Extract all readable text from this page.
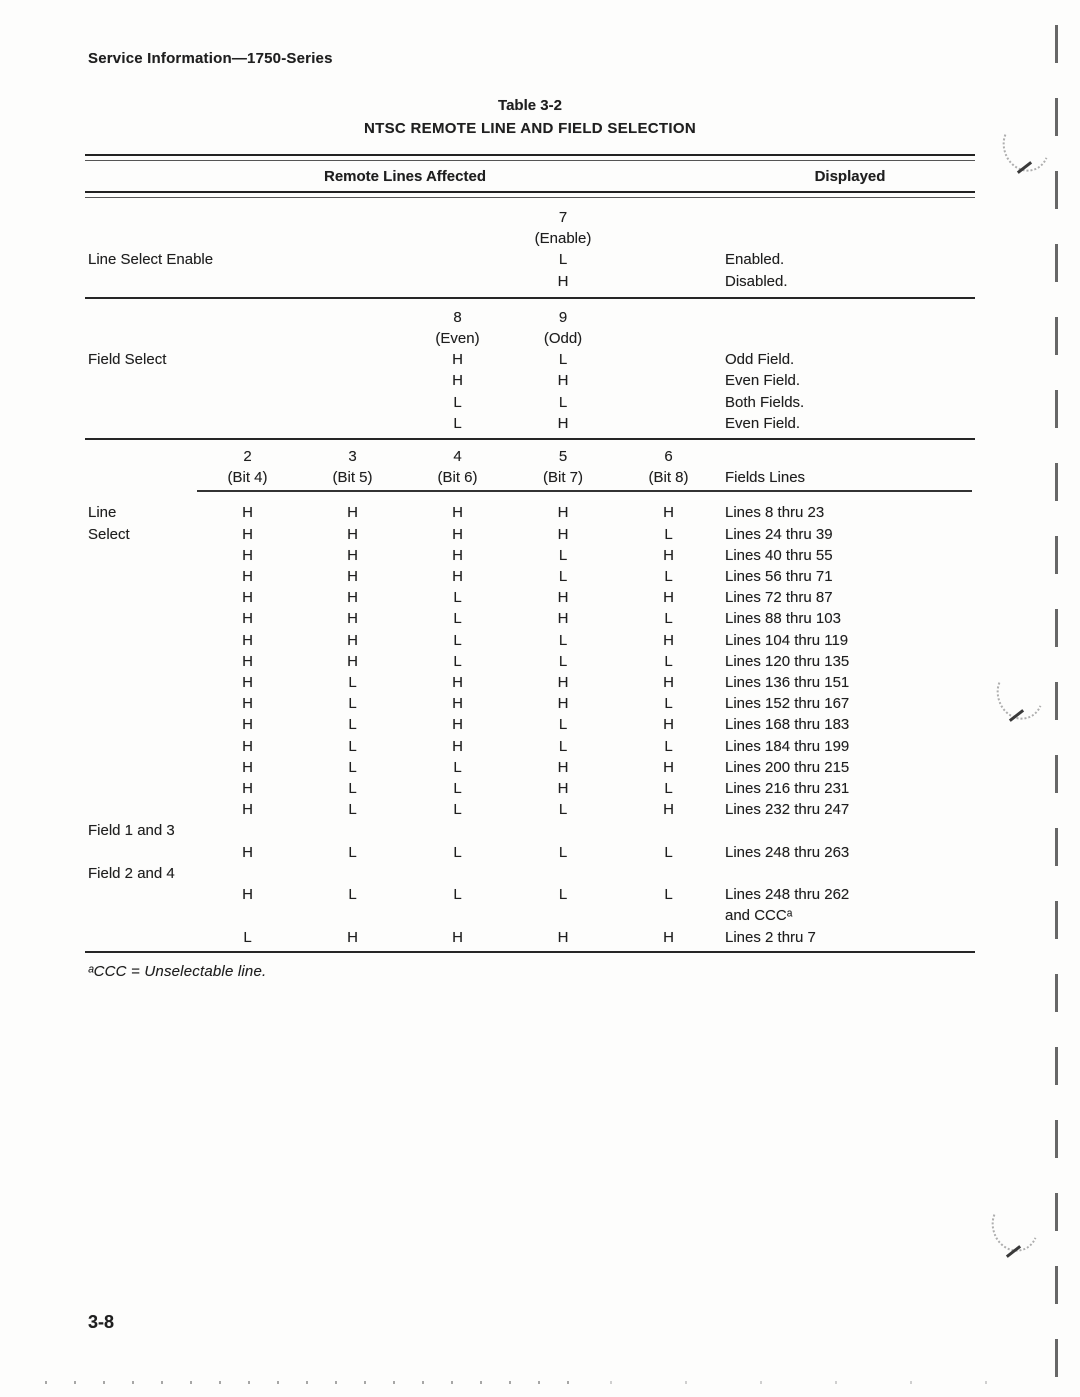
Service Information—1750-Series
Table 3-2
NTSC REMOTE LINE AND FIELD SELECTION
Remote Lines Affected	Displayed
7
(Enable)
Line Select Enable	L	Enabled.
H	Disabled.
8	9
(Even)	(Odd)
Field Select	H	L	Odd Field.
H	H	Even Field.
L	L	Both Fields.
L	H	Even Field.
2	3	4	5	6
(Bit 4)	(Bit 5)	(Bit 6)	(Bit 7)	(Bit 8)	Fields Lines
Line	H	H	H	H	H	Lines 8 thru 23
Select	H	H	H	H	L	Lines 24 thru 39
H	H	H	L	H	Lines 40 thru 55
H	H	H	L	L	Lines 56 thru 71
H	H	L	H	H	Lines 72 thru 87
H	H	L	H	L	Lines 88 thru 103
H	H	L	L	H	Lines 104 thru 119
H	H	L	L	L	Lines 120 thru 135
H	L	H	H	H	Lines 136 thru 151
H	L	H	H	L	Lines 152 thru 167
H	L	H	L	H	Lines 168 thru 183
H	L	H	L	L	Lines 184 thru 199
H	L	L	H	H	Lines 200 thru 215
H	L	L	H	L	Lines 216 thru 231
H	L	L	L	H	Lines 232 thru 247
Field 1 and 3
H	L	L	L	L	Lines 248 thru 263
Field 2 and 4
H	L	L	L	L	Lines 248 thru 262
and CCCᵃ
L	H	H	H	H	Lines 2 thru 7
ᵃCCC = Unselectable line.
3-8
